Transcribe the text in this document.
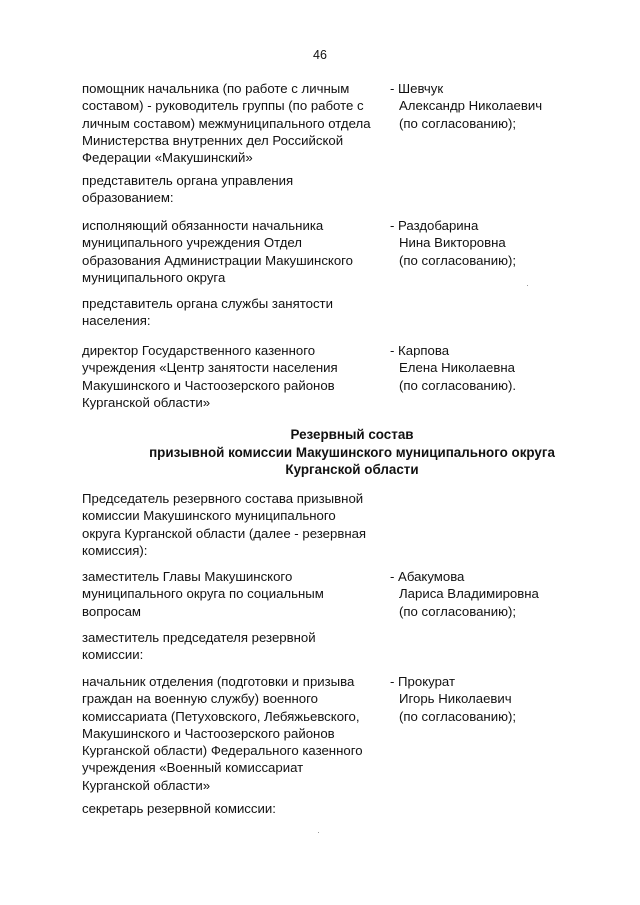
46
помощник начальника (по работе с личным
составом) - руководитель группы (по работе с
личным составом) межмуниципального отдела
Министерства внутренних дел Российской
Федерации «Макушинский»
- Шевчук
Александр Николаевич
(по согласованию);
представитель органа управления
образованием:
исполняющий обязанности начальника
муниципального учреждения Отдел
образования Администрации Макушинского
муниципального округа
- Раздобарина
Нина Викторовна
(по согласованию);
представитель органа службы занятости
населения:
директор Государственного казенного
учреждения «Центр занятости населения
Макушинского и Частоозерского районов
Курганской области»
- Карпова
Елена Николаевна
(по согласованию).
Резервный состав
призывной комиссии Макушинского муниципального округа
Курганской области
Председатель резервного состава призывной
комиссии Макушинского муниципального
округа Курганской области (далее - резервная
комиссия):
заместитель Главы Макушинского
муниципального округа по социальным
вопросам
- Абакумова
Лариса Владимировна
(по согласованию);
заместитель председателя резервной
комиссии:
начальник отделения (подготовки и призыва
граждан на военную службу) военного
комиссариата (Петуховского, Лебяжьевского,
Макушинского и Частоозерского районов
Курганской области) Федерального казенного
учреждения «Военный комиссариат
Курганской области»
- Прокурат
Игорь Николаевич
(по согласованию);
секретарь резервной комиссии:
